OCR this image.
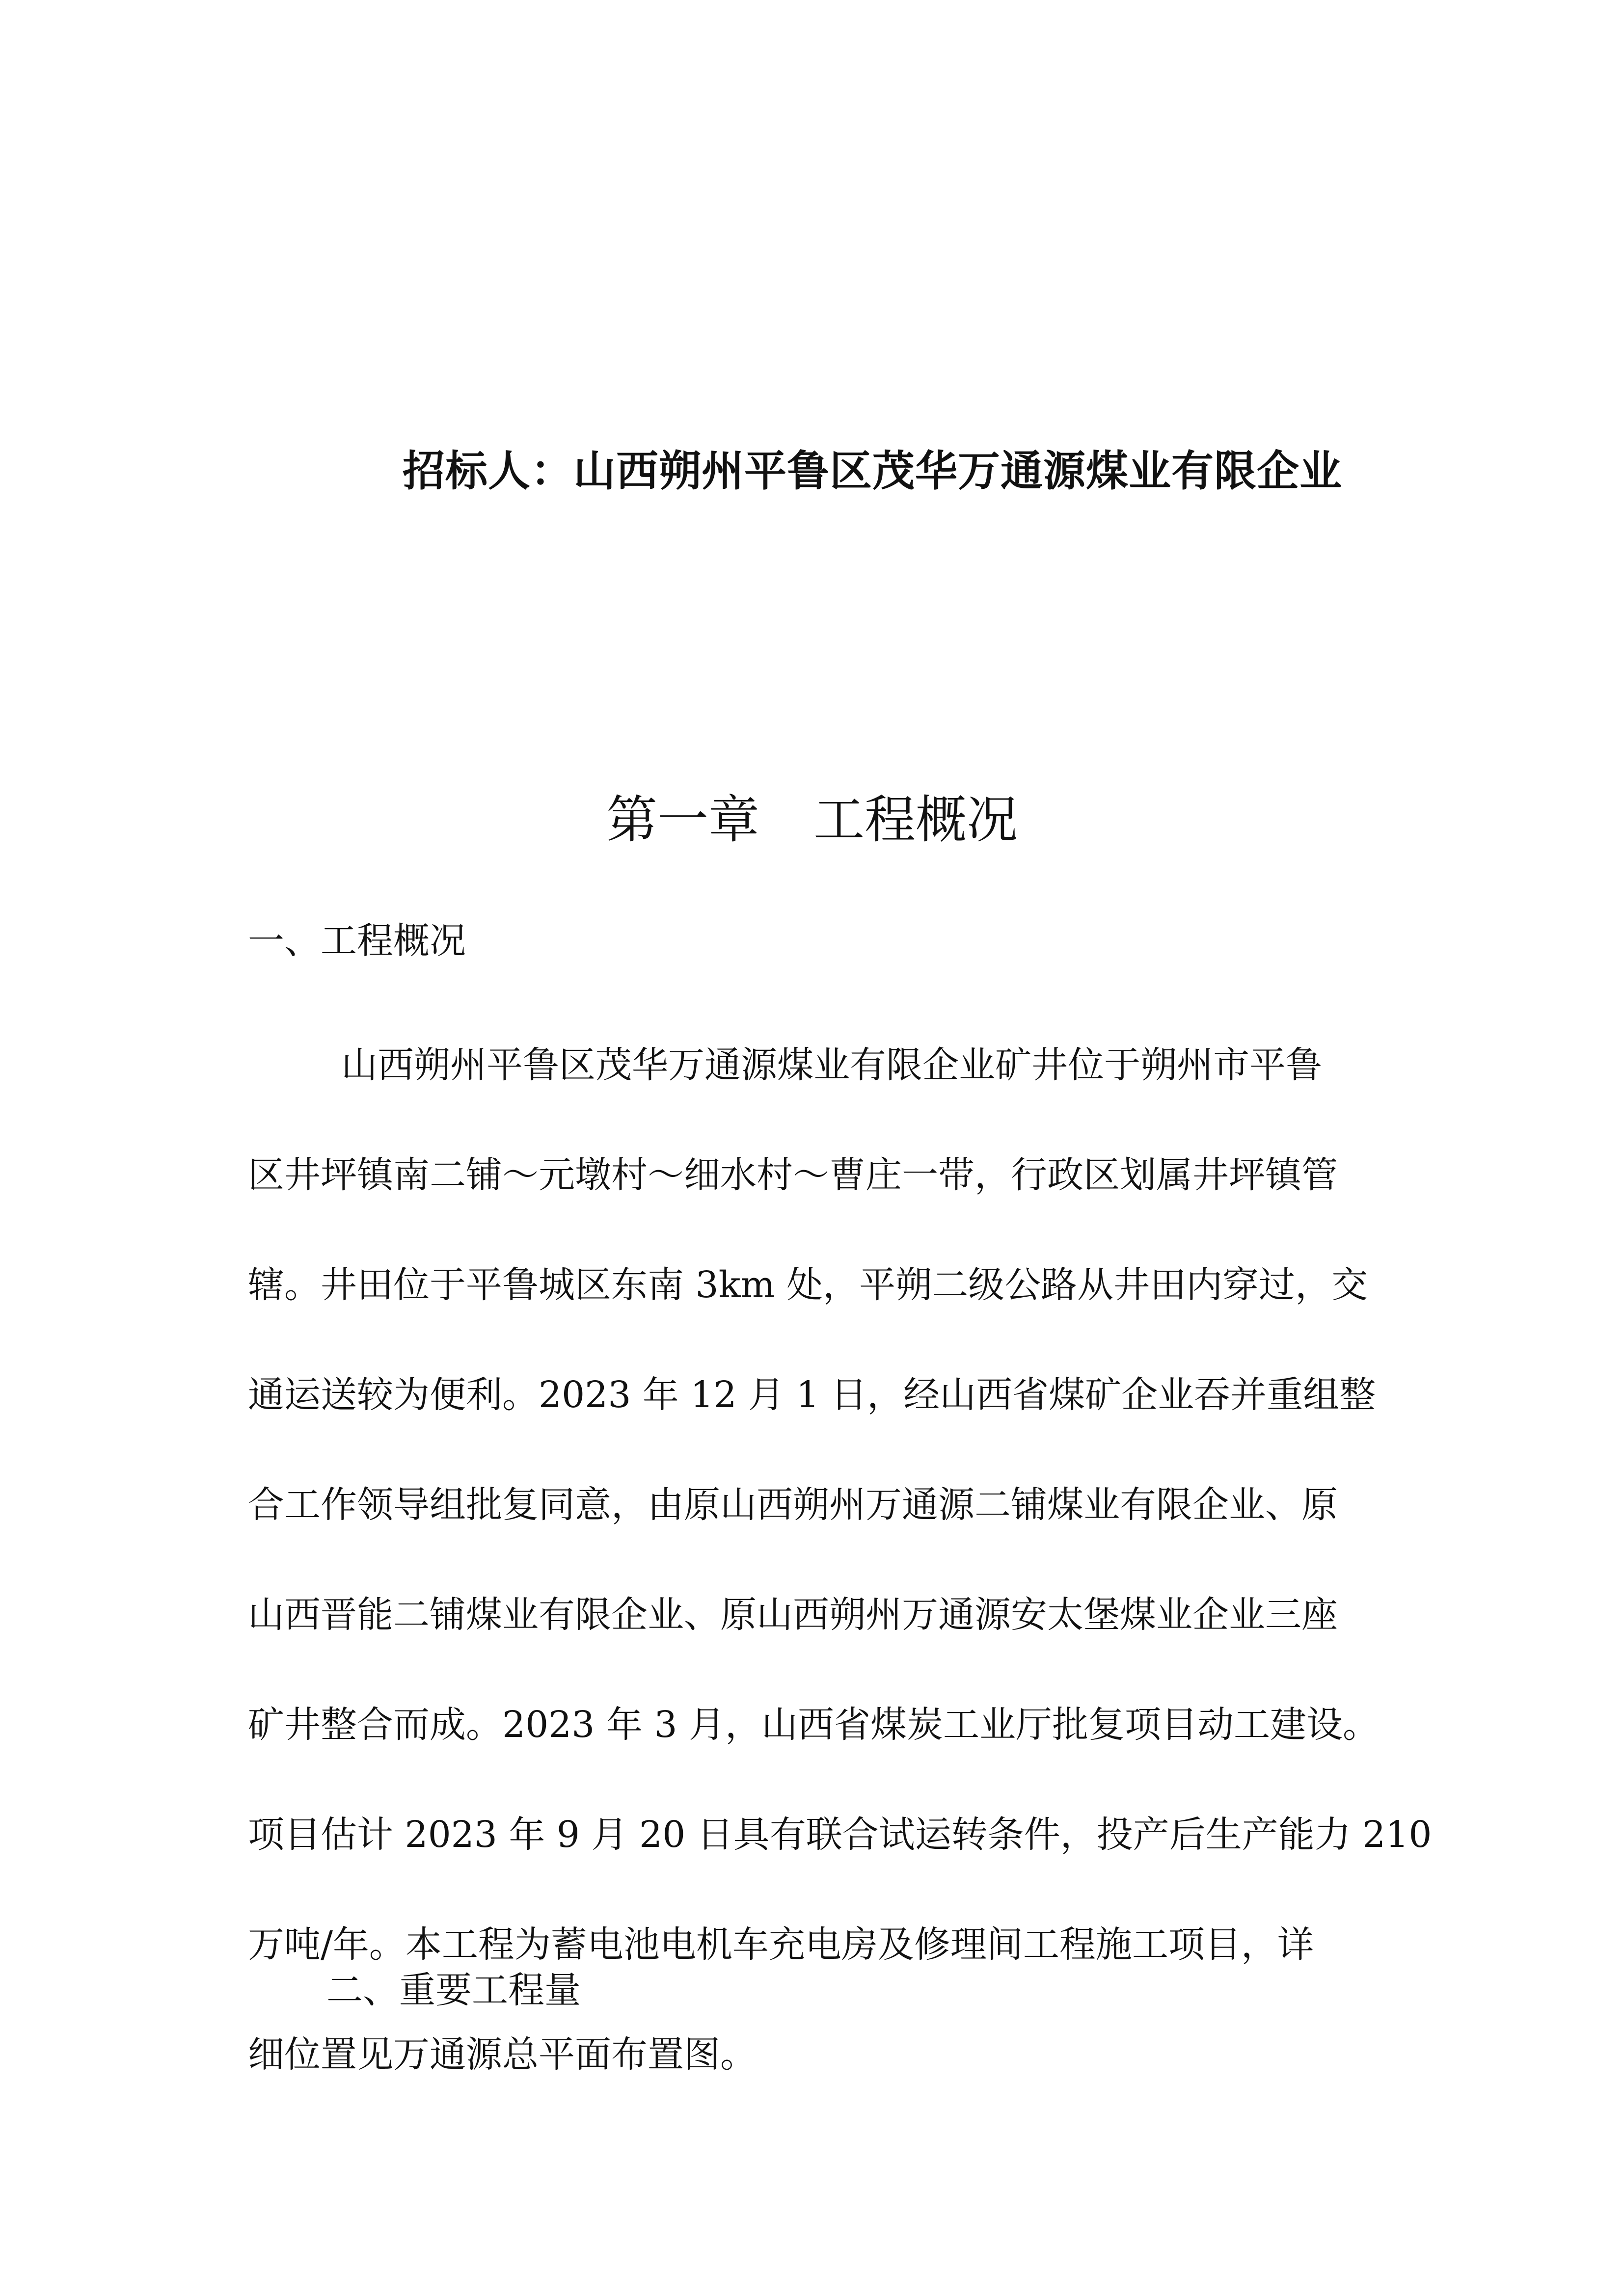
招标人：山西朔州平鲁区茂华万通源煤业有限企业
第一章 工程概况
一、工程概况
山西朔州平鲁区茂华万通源煤业有限企业矿井位于朔州市平鲁
区井坪镇南二铺～元墩村～细水村～曹庄一带，行政区划属井坪镇管
辖。井田位于平鲁城区东南 3km 处，平朔二级公路从井田内穿过，交
通运送较为便利。2023 年 12 月 1 日，经山西省煤矿企业吞并重组整
合工作领导组批复同意，由原山西朔州万通源二铺煤业有限企业、原
山西晋能二铺煤业有限企业、原山西朔州万通源安太堡煤业企业三座
矿井整合而成。2023 年 3 月，山西省煤炭工业厅批复项目动工建设。
项目估计 2023 年 9 月 20 日具有联合试运转条件，投产后生产能力 210
万吨/年。本工程为蓄电池电机车充电房及修理间工程施工项目，详
细位置见万通源总平面布置图。
二、重要工程量
